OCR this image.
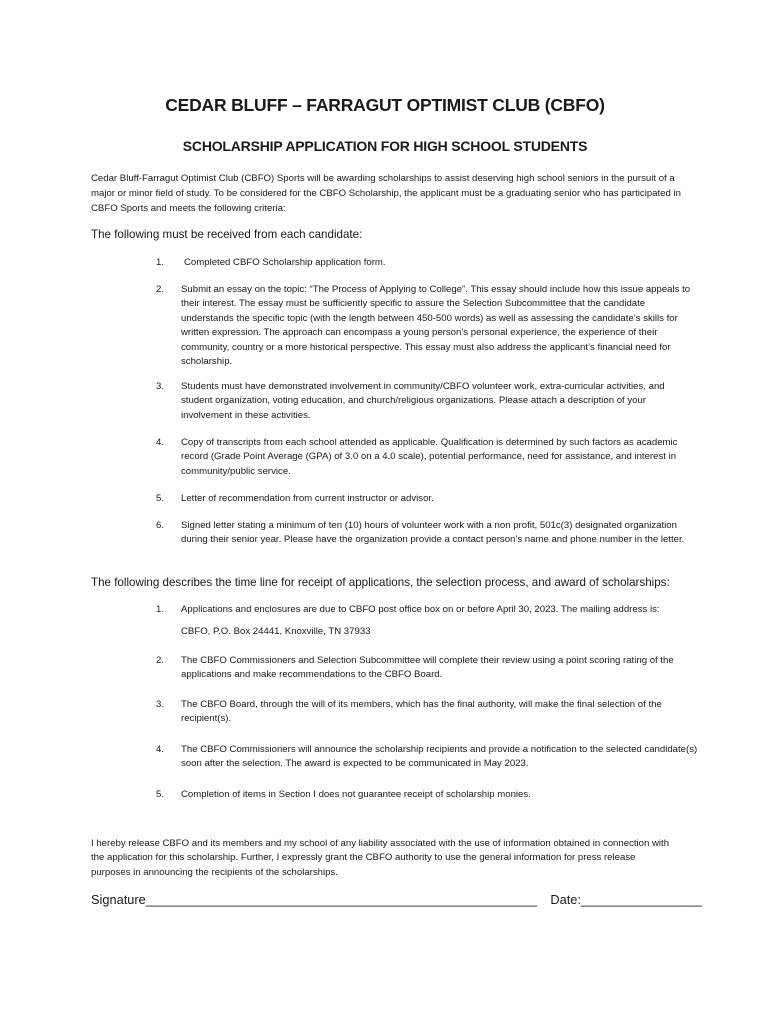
CEDAR BLUFF – FARRAGUT OPTIMIST CLUB (CBFO)
SCHOLARSHIP APPLICATION FOR HIGH SCHOOL STUDENTS
Cedar Bluff-Farragut Optimist Club (CBFO) Sports will be awarding scholarships to assist deserving high school seniors in the pursuit of a major or minor field of study. To be considered for the CBFO Scholarship, the applicant must be a graduating senior who has participated in CBFO Sports and meets the following criteria:
The following must be received from each candidate:
1. Completed CBFO Scholarship application form.
2. Submit an essay on the topic: “The Process of Applying to College”. This essay should include how this issue appeals to their interest. The essay must be sufficiently specific to assure the Selection Subcommittee that the candidate understands the specific topic (with the length between 450-500 words) as well as assessing the candidate’s skills for written expression. The approach can encompass a young person’s personal experience, the experience of their community, country or a more historical perspective. This essay must also address the applicant’s financial need for scholarship.
3. Students must have demonstrated involvement in community/CBFO volunteer work, extra-curricular activities, and student organization, voting education, and church/religious organizations. Please attach a description of your involvement in these activities.
4. Copy of transcripts from each school attended as applicable. Qualification is determined by such factors as academic record (Grade Point Average (GPA) of 3.0 on a 4.0 scale), potential performance, need for assistance, and interest in community/public service.
5. Letter of recommendation from current instructor or advisor.
6. Signed letter stating a minimum of ten (10) hours of volunteer work with a non profit, 501c(3) designated organization during their senior year. Please have the organization provide a contact person’s name and phone number in the letter.
The following describes the time line for receipt of applications, the selection process, and award of scholarships:
1. Applications and enclosures are due to CBFO post office box on or before April 30, 2023. The mailing address is:
CBFO, P.O. Box 24441, Knoxville, TN 37933
2. The CBFO Commissioners and Selection Subcommittee will complete their review using a point scoring rating of the applications and make recommendations to the CBFO Board.
3. The CBFO Board, through the will of its members, which has the final authority, will make the final selection of the recipient(s).
4. The CBFO Commissioners will announce the scholarship recipients and provide a notification to the selected candidate(s) soon after the selection. The award is expected to be communicated in May 2023.
5. Completion of items in Section I does not guarantee receipt of scholarship monies.
I hereby release CBFO and its members and my school of any liability associated with the use of information obtained in connection with the application for this scholarship. Further, I expressly grant the CBFO authority to use the general information for press release purposes in announcing the recipients of the scholarships.
Signature_______________________________________________________ Date:_________________
